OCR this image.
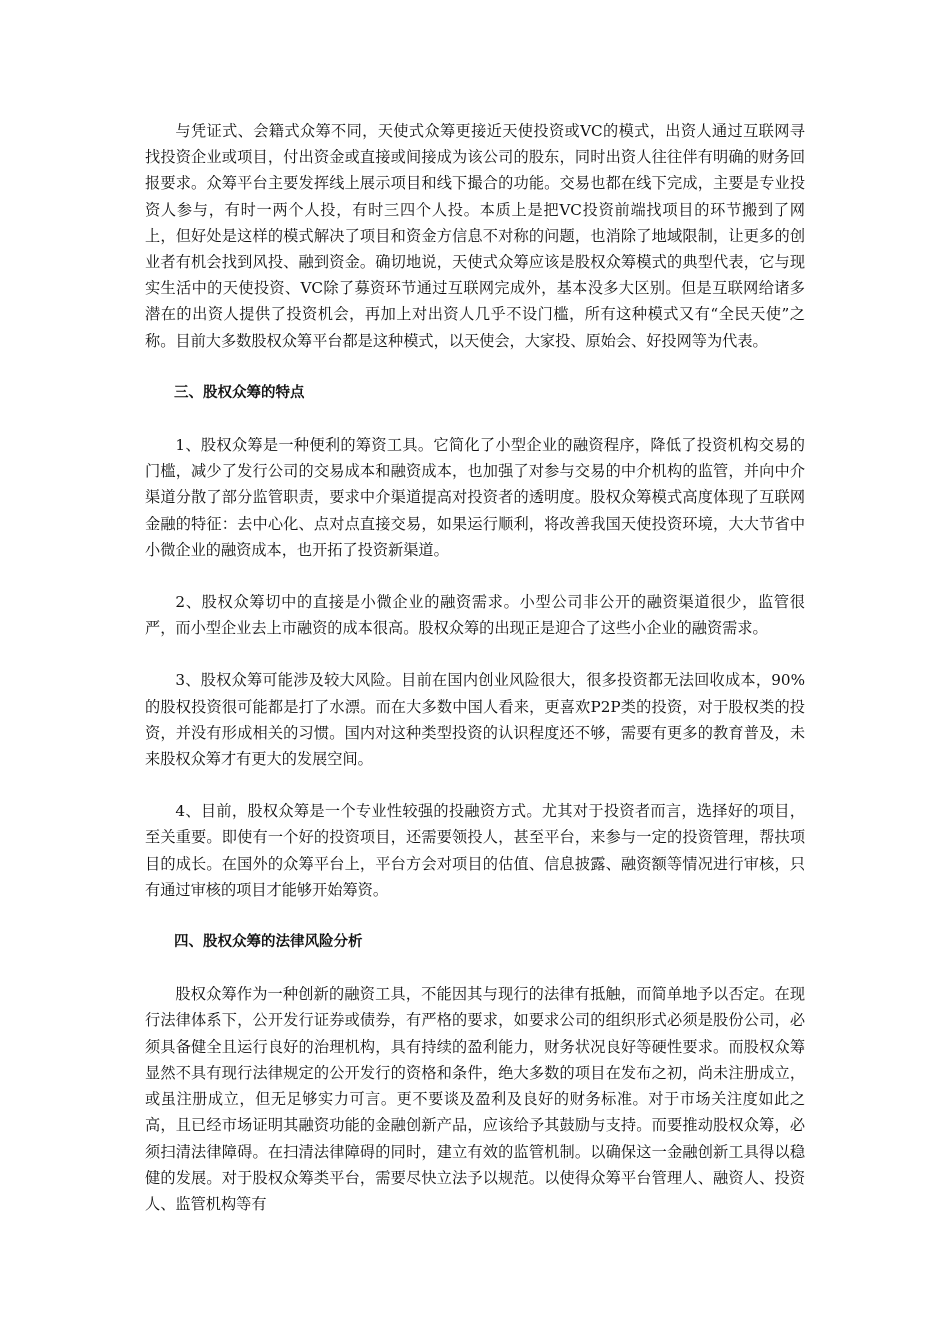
与凭证式、会籍式众筹不同，天使式众筹更接近天使投资或VC的模式，出资人通过互联网寻找投资企业或项目，付出资金或直接或间接成为该公司的股东，同时出资人往往伴有明确的财务回报要求。众筹平台主要发挥线上展示项目和线下撮合的功能。交易也都在线下完成，主要是专业投资人参与，有时一两个人投，有时三四个人投。本质上是把VC投资前端找项目的环节搬到了网上，但好处是这样的模式解决了项目和资金方信息不对称的问题，也消除了地域限制，让更多的创业者有机会找到风投、融到资金。确切地说，天使式众筹应该是股权众筹模式的典型代表，它与现实生活中的天使投资、VC除了募资环节通过互联网完成外，基本没多大区别。但是互联网给诸多潜在的出资人提供了投资机会，再加上对出资人几乎不设门槛，所有这种模式又有“全民天使”之称。目前大多数股权众筹平台都是这种模式，以天使会，大家投、原始会、好投网等为代表。

三、股权众筹的特点

1、股权众筹是一种便利的筹资工具。它简化了小型企业的融资程序，降低了投资机构交易的门槛，减少了发行公司的交易成本和融资成本，也加强了对参与交易的中介机构的监管，并向中介渠道分散了部分监管职责，要求中介渠道提高对投资者的透明度。股权众筹模式高度体现了互联网金融的特征：去中心化、点对点直接交易，如果运行顺利，将改善我国天使投资环境，大大节省中小微企业的融资成本，也开拓了投资新渠道。

2、股权众筹切中的直接是小微企业的融资需求。小型公司非公开的融资渠道很少，监管很严，而小型企业去上市融资的成本很高。股权众筹的出现正是迎合了这些小企业的融资需求。

3、股权众筹可能涉及较大风险。目前在国内创业风险很大，很多投资都无法回收成本，90%的股权投资很可能都是打了水漂。而在大多数中国人看来，更喜欢P2P类的投资，对于股权类的投资，并没有形成相关的习惯。国内对这种类型投资的认识程度还不够，需要有更多的教育普及，未来股权众筹才有更大的发展空间。

4、目前，股权众筹是一个专业性较强的投融资方式。尤其对于投资者而言，选择好的项目，至关重要。即使有一个好的投资项目，还需要领投人，甚至平台，来参与一定的投资管理，帮扶项目的成长。在国外的众筹平台上，平台方会对项目的估值、信息披露、融资额等情况进行审核，只有通过审核的项目才能够开始筹资。

四、股权众筹的法律风险分析

股权众筹作为一种创新的融资工具，不能因其与现行的法律有抵触，而简单地予以否定。在现行法律体系下，公开发行证券或债券，有严格的要求，如要求公司的组织形式必须是股份公司，必须具备健全且运行良好的治理机构，具有持续的盈利能力，财务状况良好等硬性要求。而股权众筹显然不具有现行法律规定的公开发行的资格和条件，绝大多数的项目在发布之初，尚未注册成立，或虽注册成立，但无足够实力可言。更不要谈及盈利及良好的财务标准。对于市场关注度如此之高，且已经市场证明其融资功能的金融创新产品，应该给予其鼓励与支持。而要推动股权众筹，必须扫清法律障碍。在扫清法律障碍的同时，建立有效的监管机制。以确保这一金融创新工具得以稳健的发展。对于股权众筹类平台，需要尽快立法予以规范。以使得众筹平台管理人、融资人、投资人、监管机构等有
